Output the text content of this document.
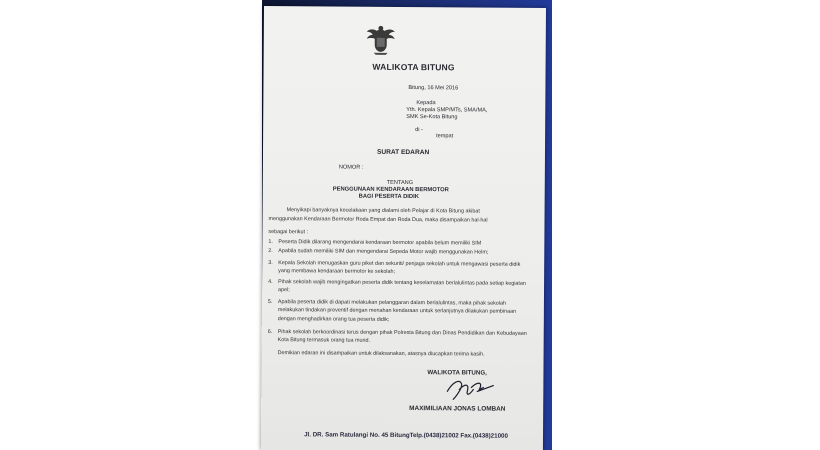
WALIKOTA BITUNG
Bitung, 16 Mei 2016
Kepada
Yth. Kepala SMP/MTs, SMA/MA,
SMK Se-Kota Bitung
di -
tempat
SURAT EDARAN
NOMOR :
TENTANG
PENGGUNAAN KENDARAAN BERMOTOR
BAGI PESERTA DIDIK
Menyikapi banyaknya kecelakaan yang dialami oleh Pelajar di Kota Bitung akibat
menggunakan Kendaraan Bermotor Roda Empat dan Roda Dua, maka disampaikan hal-hal
sebagai berikut :
1. Peserta Didik dilarang mengendarai kendaraan bermotor apabila belum memiliki SIM
2. Apabila sudah memiliki SIM dan mengendarai Sepeda Motor wajib menggunakan Helm;
3. Kepala Sekolah menugaskan guru piket dan sekuriti/ penjaga sekolah untuk mengawasi peserta didik yang membawa kendaraan bermotor ke sekolah;
4. Pihak sekolah wajib mengingatkan peserta didik tentang keselamatan berlalulintas pada setiap kegiatan apel;
5. Apabila peserta didik di dapati melakukan pelanggaran dalam berlalulintas, maka pihak sekolah melakukan tindakan preventif dengan menahan kendaraan untuk serlanjutnya dilakukan pembinaan dengan menghadirkan orang tua peserta didik;
6. Pihak sekolah berkoordinasi terus dengan pihak Polresta Bitung dan Dinas Pendidikan dan Kebudayaan Kota Bitung termasuk orang tua murid.
Demikian edaran ini disampaikan untuk dilaksanakan, atasnya diucapkan terima kasih.
WALIKOTA BITUNG,
MAXIMILIAAN JONAS LOMBAN
Jl. DR. Sam Ratulangi No. 45 BitungTelp.(0438)21002 Fax.(0438)21000
